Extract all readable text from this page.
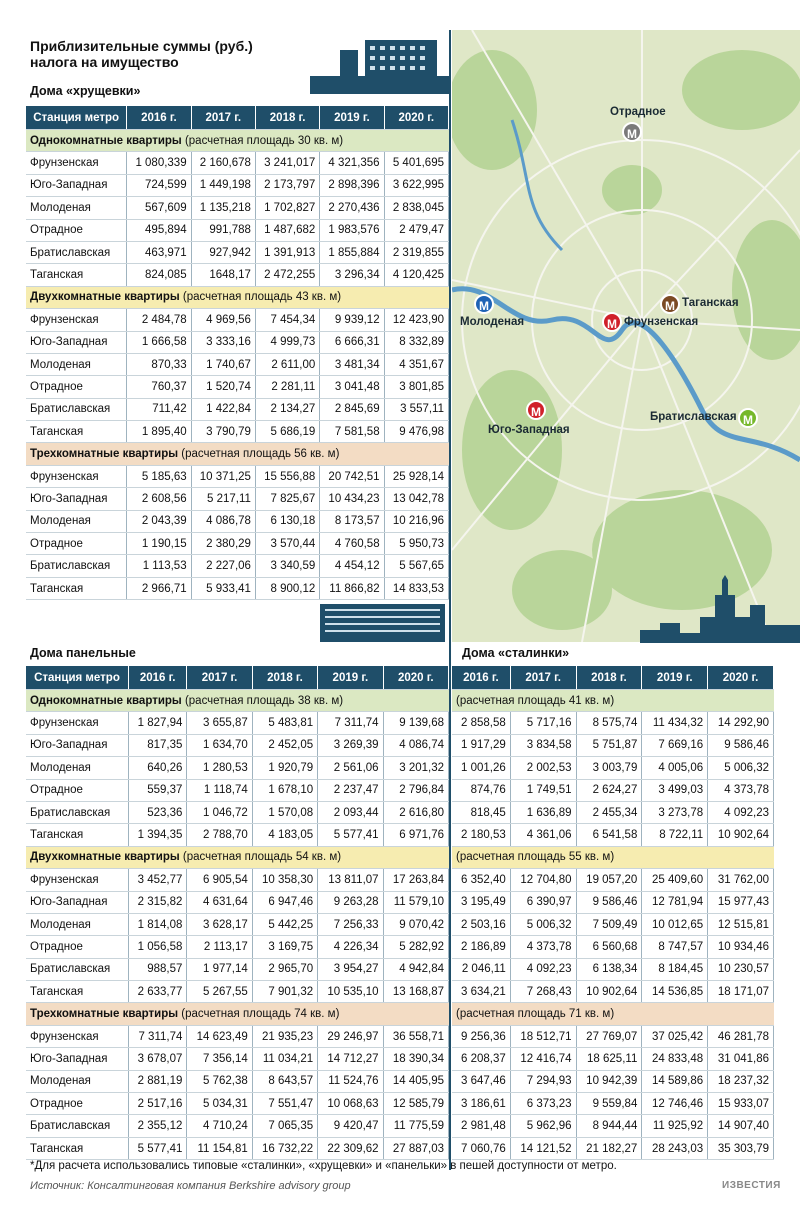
Приблизительные суммы (руб.)
налога на имущество
Дома «хрущевки»
Станция метро	2016 г.	2017 г.	2018 г.	2019 г.	2020 г.
Однокомнатные квартиры (расчетная площадь 30 кв. м)					
Фрунзенская	1 080,339	2 160,678	3 241,017	4 321,356	5 401,695
Юго-Западная	724,599	1 449,198	2 173,797	2 898,396	3 622,995
Молоденая	567,609	1 135,218	1 702,827	2 270,436	2 838,045
Отрадное	495,894	991,788	1 487,682	1 983,576	2 479,47
Братиславская	463,971	927,942	1 391,913	1 855,884	2 319,855
Таганская	824,085	1648,17	2 472,255	3 296,34	4 120,425
Двухкомнатные квартиры (расчетная площадь 43 кв. м)					
Фрунзенская	2 484,78	4 969,56	7 454,34	9 939,12	12 423,90
Юго-Западная	1 666,58	3 333,16	4 999,73	6 666,31	8 332,89
Молоденая	870,33	1 740,67	2 611,00	3 481,34	4 351,67
Отрадное	760,37	1 520,74	2 281,11	3 041,48	3 801,85
Братиславская	711,42	1 422,84	2 134,27	2 845,69	3 557,11
Таганская	1 895,40	3 790,79	5 686,19	7 581,58	9 476,98
Трехкомнатные квартиры (расчетная площадь 56 кв. м)					
Фрунзенская	5 185,63	10 371,25	15 556,88	20 742,51	25 928,14
Юго-Западная	2 608,56	5 217,11	7 825,67	10 434,23	13 042,78
Молоденая	2 043,39	4 086,78	6 130,18	8 173,57	10 216,96
Отрадное	1 190,15	2 380,29	3 570,44	4 760,58	5 950,73
Братиславская	1 113,53	2 227,06	3 340,59	4 454,12	5 567,65
Таганская	2 966,71	5 933,41	8 900,12	11 866,82	14 833,53
М
Отрадное
М Таганская
М
Молоденая	М Фрунзенская
М
Юго-Западная
М
Братиславская
Дома панельные	Дома «сталинки»
Станция метро	2016 г.	2017 г.	2018 г.	2019 г.	2020 г.
Однокомнатные квартиры (расчетная площадь 38 кв. м)					
Фрунзенская	1 827,94	3 655,87	5 483,81	7 311,74	9 139,68
Юго-Западная	817,35	1 634,70	2 452,05	3 269,39	4 086,74
Молоденая	640,26	1 280,53	1 920,79	2 561,06	3 201,32
Отрадное	559,37	1 118,74	1 678,10	2 237,47	2 796,84
Братиславская	523,36	1 046,72	1 570,08	2 093,44	2 616,80
Таганская	1 394,35	2 788,70	4 183,05	5 577,41	6 971,76
Двухкомнатные квартиры (расчетная площадь 54 кв. м)					
Фрунзенская	3 452,77	6 905,54	10 358,30	13 811,07	17 263,84
Юго-Западная	2 315,82	4 631,64	6 947,46	9 263,28	11 579,10
Молоденая	1 814,08	3 628,17	5 442,25	7 256,33	9 070,42
Отрадное	1 056,58	2 113,17	3 169,75	4 226,34	5 282,92
Братиславская	988,57	1 977,14	2 965,70	3 954,27	4 942,84
Таганская	2 633,77	5 267,55	7 901,32	10 535,10	13 168,87
Трехкомнатные квартиры (расчетная площадь 74 кв. м)					
Фрунзенская	7 311,74	14 623,49	21 935,23	29 246,97	36 558,71
Юго-Западная	3 678,07	7 356,14	11 034,21	14 712,27	18 390,34
Молоденая	2 881,19	5 762,38	8 643,57	11 524,76	14 405,95
Отрадное	2 517,16	5 034,31	7 551,47	10 068,63	12 585,79
Братиславская	2 355,12	4 710,24	7 065,35	9 420,47	11 775,59
Таганская	5 577,41	11 154,81	16 732,22	22 309,62	27 887,03
2016 г.	2017 г.	2018 г.	2019 г.	2020 г.
(расчетная площадь 41 кв. м)				
2 858,58	5 717,16	8 575,74	11 434,32	14 292,90
1 917,29	3 834,58	5 751,87	7 669,16	9 586,46
1 001,26	2 002,53	3 003,79	4 005,06	5 006,32
874,76	1 749,51	2 624,27	3 499,03	4 373,78
818,45	1 636,89	2 455,34	3 273,78	4 092,23
2 180,53	4 361,06	6 541,58	8 722,11	10 902,64
(расчетная площадь 55 кв. м)				
6 352,40	12 704,80	19 057,20	25 409,60	31 762,00
3 195,49	6 390,97	9 586,46	12 781,94	15 977,43
2 503,16	5 006,32	7 509,49	10 012,65	12 515,81
2 186,89	4 373,78	6 560,68	8 747,57	10 934,46
2 046,11	4 092,23	6 138,34	8 184,45	10 230,57
3 634,21	7 268,43	10 902,64	14 536,85	18 171,07
(расчетная площадь 71 кв. м)				
9 256,36	18 512,71	27 769,07	37 025,42	46 281,78
6 208,37	12 416,74	18 625,11	24 833,48	31 041,86
3 647,46	7 294,93	10 942,39	14 589,86	18 237,32
3 186,61	6 373,23	9 559,84	12 746,46	15 933,07
2 981,48	5 962,96	8 944,44	11 925,92	14 907,40
7 060,76	14 121,52	21 182,27	28 243,03	35 303,79
*Для расчета использовались типовые «сталинки», «хрущевки» и «панельки» в пешей доступности от метро.
Источник: Консалтинговая компания Berkshire advisory group	ИЗВЕСТИЯ
